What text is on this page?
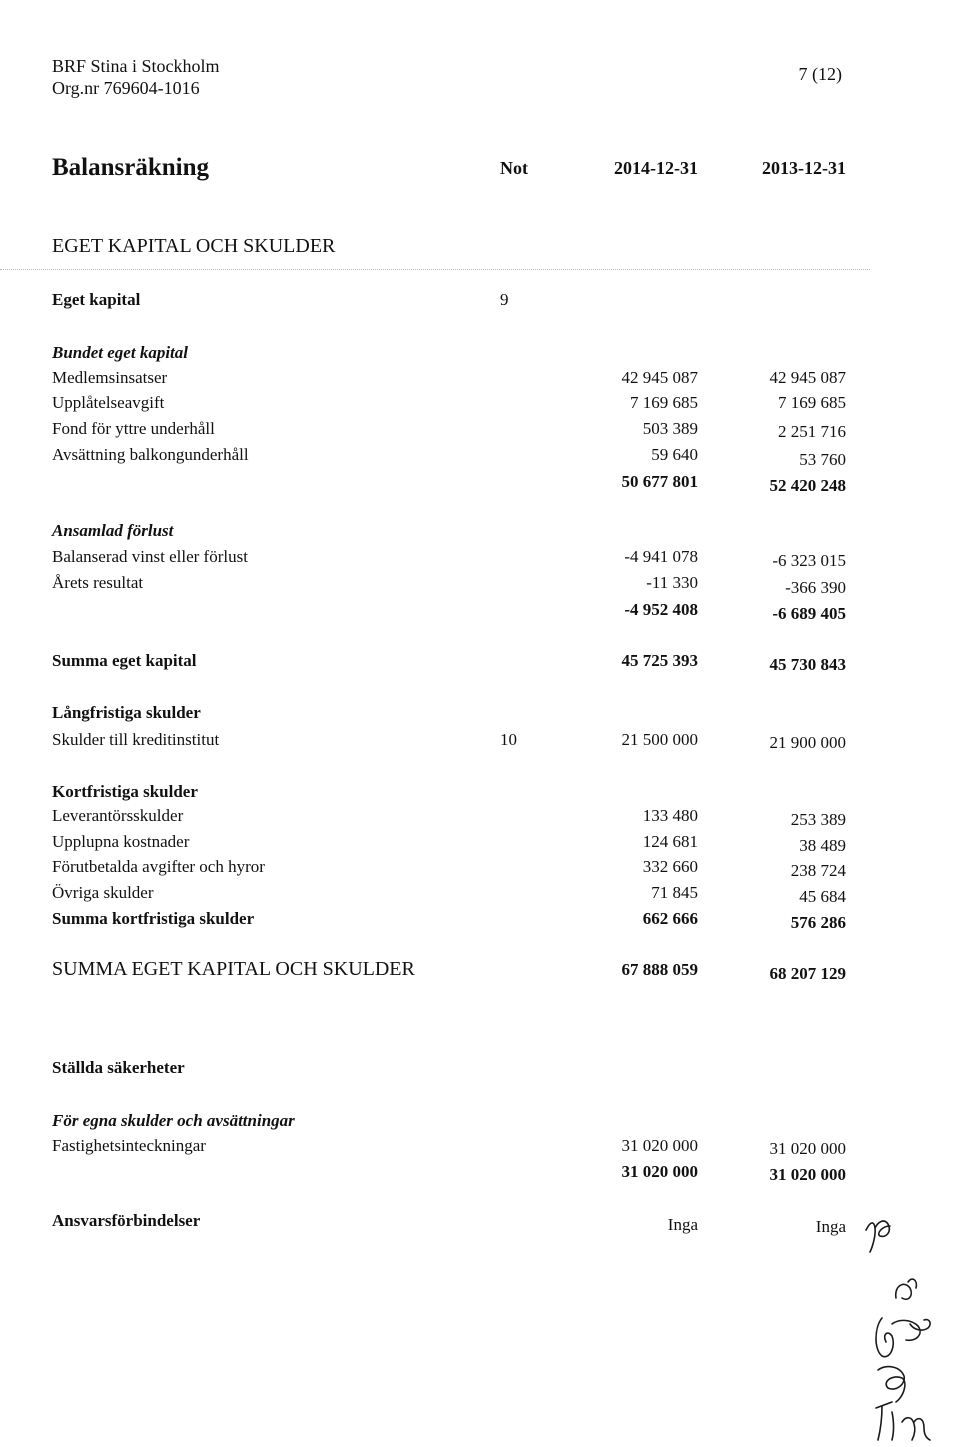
BRF Stina i Stockholm
Org.nr 769604-1016
7 (12)
Balansräkning	Not	2014-12-31	2013-12-31
EGET KAPITAL OCH SKULDER
Eget kapital	9
Bundet eget kapital
Medlemsinsatser	42 945 087	42 945 087
Upplåtelseavgift	7 169 685	7 169 685
Fond för yttre underhåll	503 389	2 251 716
Avsättning balkongunderhåll	59 640	53 760
50 677 801	52 420 248
Ansamlad förlust
Balanserad vinst eller förlust	-4 941 078	-6 323 015
Årets resultat	-11 330	-366 390
-4 952 408	-6 689 405
Summa eget kapital	45 725 393	45 730 843
Långfristiga skulder
Skulder till kreditinstitut	10	21 500 000	21 900 000
Kortfristiga skulder
Leverantörsskulder	133 480	253 389
Upplupna kostnader	124 681	38 489
Förutbetalda avgifter och hyror	332 660	238 724
Övriga skulder	71 845	45 684
Summa kortfristiga skulder	662 666	576 286
SUMMA EGET KAPITAL OCH SKULDER	67 888 059	68 207 129
Ställda säkerheter
För egna skulder och avsättningar
Fastighetsinteckningar	31 020 000	31 020 000
31 020 000	31 020 000
Ansvarsförbindelser	Inga	Inga
